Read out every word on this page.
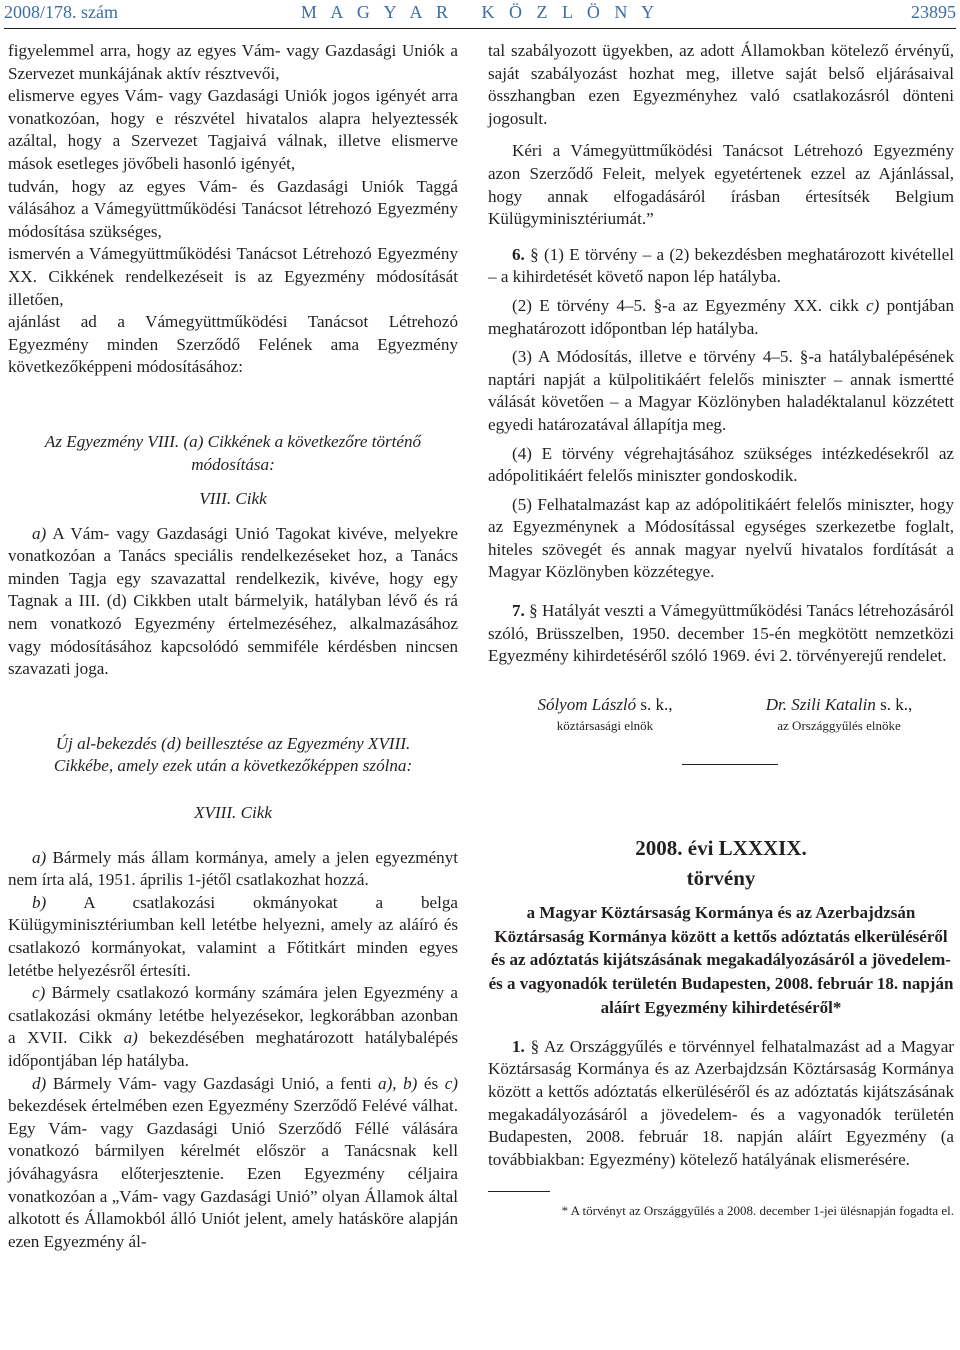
2008/178. szám	M A G Y A R   K Ö Z L Ö N Y	23895

figyelemmel arra, hogy az egyes Vám- vagy Gazdasági Uniók a Szervezet munkájának aktív résztvevői,

elismerve egyes Vám- vagy Gazdasági Uniók jogos igényét arra vonatkozóan, hogy e részvétel hivatalos alapra helyeztessék azáltal, hogy a Szervezet Tagjaivá válnak, illetve elismerve mások esetleges jövőbeli hasonló igényét,

tudván, hogy az egyes Vám- és Gazdasági Uniók Taggá válásához a Vámegyüttműködési Tanácsot létrehozó Egyezmény módosítása szükséges,

ismervén a Vámegyüttműködési Tanácsot Létrehozó Egyezmény XX. Cikkének rendelkezéseit is az Egyezmény módosítását illetően,

ajánlást ad a Vámegyüttműködési Tanácsot Létrehozó Egyezmény minden Szerződő Felének ama Egyezmény következőképpeni módosításához:

Az Egyezmény VIII. (a) Cikkének a következőre történő módosítása:

VIII. Cikk

a) A Vám- vagy Gazdasági Unió Tagokat kivéve, melyekre vonatkozóan a Tanács speciális rendelkezéseket hoz, a Tanács minden Tagja egy szavazattal rendelkezik, kivéve, hogy egy Tagnak a III. (d) Cikkben utalt bármelyik, hatályban lévő és rá nem vonatkozó Egyezmény értelmezéséhez, alkalmazásához vagy módosításához kapcsolódó semmiféle kérdésben nincsen szavazati joga.

Új al-bekezdés (d) beillesztése az Egyezmény XVIII. Cikkébe, amely ezek után a következőképpen szólna:

XVIII. Cikk

a) Bármely más állam kormánya, amely a jelen egyezményt nem írta alá, 1951. április 1-jétől csatlakozhat hozzá.

b) A csatlakozási okmányokat a belga Külügyminisztériumban kell letétbe helyezni, amely az aláíró és csatlakozó kormányokat, valamint a Főtitkárt minden egyes letétbe helyezésről értesíti.

c) Bármely csatlakozó kormány számára jelen Egyezmény a csatlakozási okmány letétbe helyezésekor, legkorábban azonban a XVII. Cikk a) bekezdésében meghatározott hatálybalépés időpontjában lép hatályba.

d) Bármely Vám- vagy Gazdasági Unió, a fenti a), b) és c) bekezdések értelmében ezen Egyezmény Szerződő Felévé válhat. Egy Vám- vagy Gazdasági Unió Szerződő Féllé válására vonatkozó bármilyen kérelmét először a Tanácsnak kell jóváhagyásra előterjesztenie. Ezen Egyezmény céljaira vonatkozóan a „Vám- vagy Gazdasági Unió” olyan Államok által alkotott és Államokból álló Uniót jelent, amely hatásköre alapján ezen Egyezmény ál-

tal szabályozott ügyekben, az adott Államokban kötelező érvényű, saját szabályozást hozhat meg, illetve saját belső eljárásaival összhangban ezen Egyezményhez való csatlakozásról dönteni jogosult.

Kéri a Vámegyüttműködési Tanácsot Létrehozó Egyezmény azon Szerződő Feleit, melyek egyetértenek ezzel az Ajánlással, hogy annak elfogadásáról írásban értesítsék Belgium Külügyminisztériumát.”

6. § (1) E törvény – a (2) bekezdésben meghatározott kivétellel – a kihirdetését követő napon lép hatályba.

(2) E törvény 4–5. §-a az Egyezmény XX. cikk c) pontjában meghatározott időpontban lép hatályba.

(3) A Módosítás, illetve e törvény 4–5. §-a hatálybalépésének naptári napját a külpolitikáért felelős miniszter – annak ismertté válását követően – a Magyar Közlönyben haladéktalanul közzétett egyedi határozatával állapítja meg.

(4) E törvény végrehajtásához szükséges intézkedésekről az adópolitikáért felelős miniszter gondoskodik.

(5) Felhatalmazást kap az adópolitikáért felelős miniszter, hogy az Egyezménynek a Módosítással egységes szerkezetbe foglalt, hiteles szövegét és annak magyar nyelvű hivatalos fordítását a Magyar Közlönyben közzétegye.

7. § Hatályát veszti a Vámegyüttműködési Tanács létrehozásáról szóló, Brüsszelben, 1950. december 15-én megkötött nemzetközi Egyezmény kihirdetéséről szóló 1969. évi 2. törvényerejű rendelet.

Sólyom László s. k.,
köztársasági elnök
Dr. Szili Katalin s. k.,
az Országgyűlés elnöke
2008. évi LXXXIX.
törvény
a Magyar Köztársaság Kormánya és az Azerbajdzsán Köztársaság Kormánya között a kettős adóztatás elkerüléséről és az adóztatás kijátszásának megakadályozásáról a jövedelem- és a vagyonadók területén Budapesten, 2008. február 18. napján aláírt Egyezmény kihirdetéséről*

1. § Az Országgyűlés e törvénnyel felhatalmazást ad a Magyar Köztársaság Kormánya és az Azerbajdzsán Köztársaság Kormánya között a kettős adóztatás elkerüléséről és az adóztatás kijátszásának megakadályozásáról a jövedelem- és a vagyonadók területén Budapesten, 2008. február 18. napján aláírt Egyezmény (a továbbiakban: Egyezmény) kötelező hatályának elismerésére.

* A törvényt az Országgyűlés a 2008. december 1-jei ülésnapján fogadta el.
